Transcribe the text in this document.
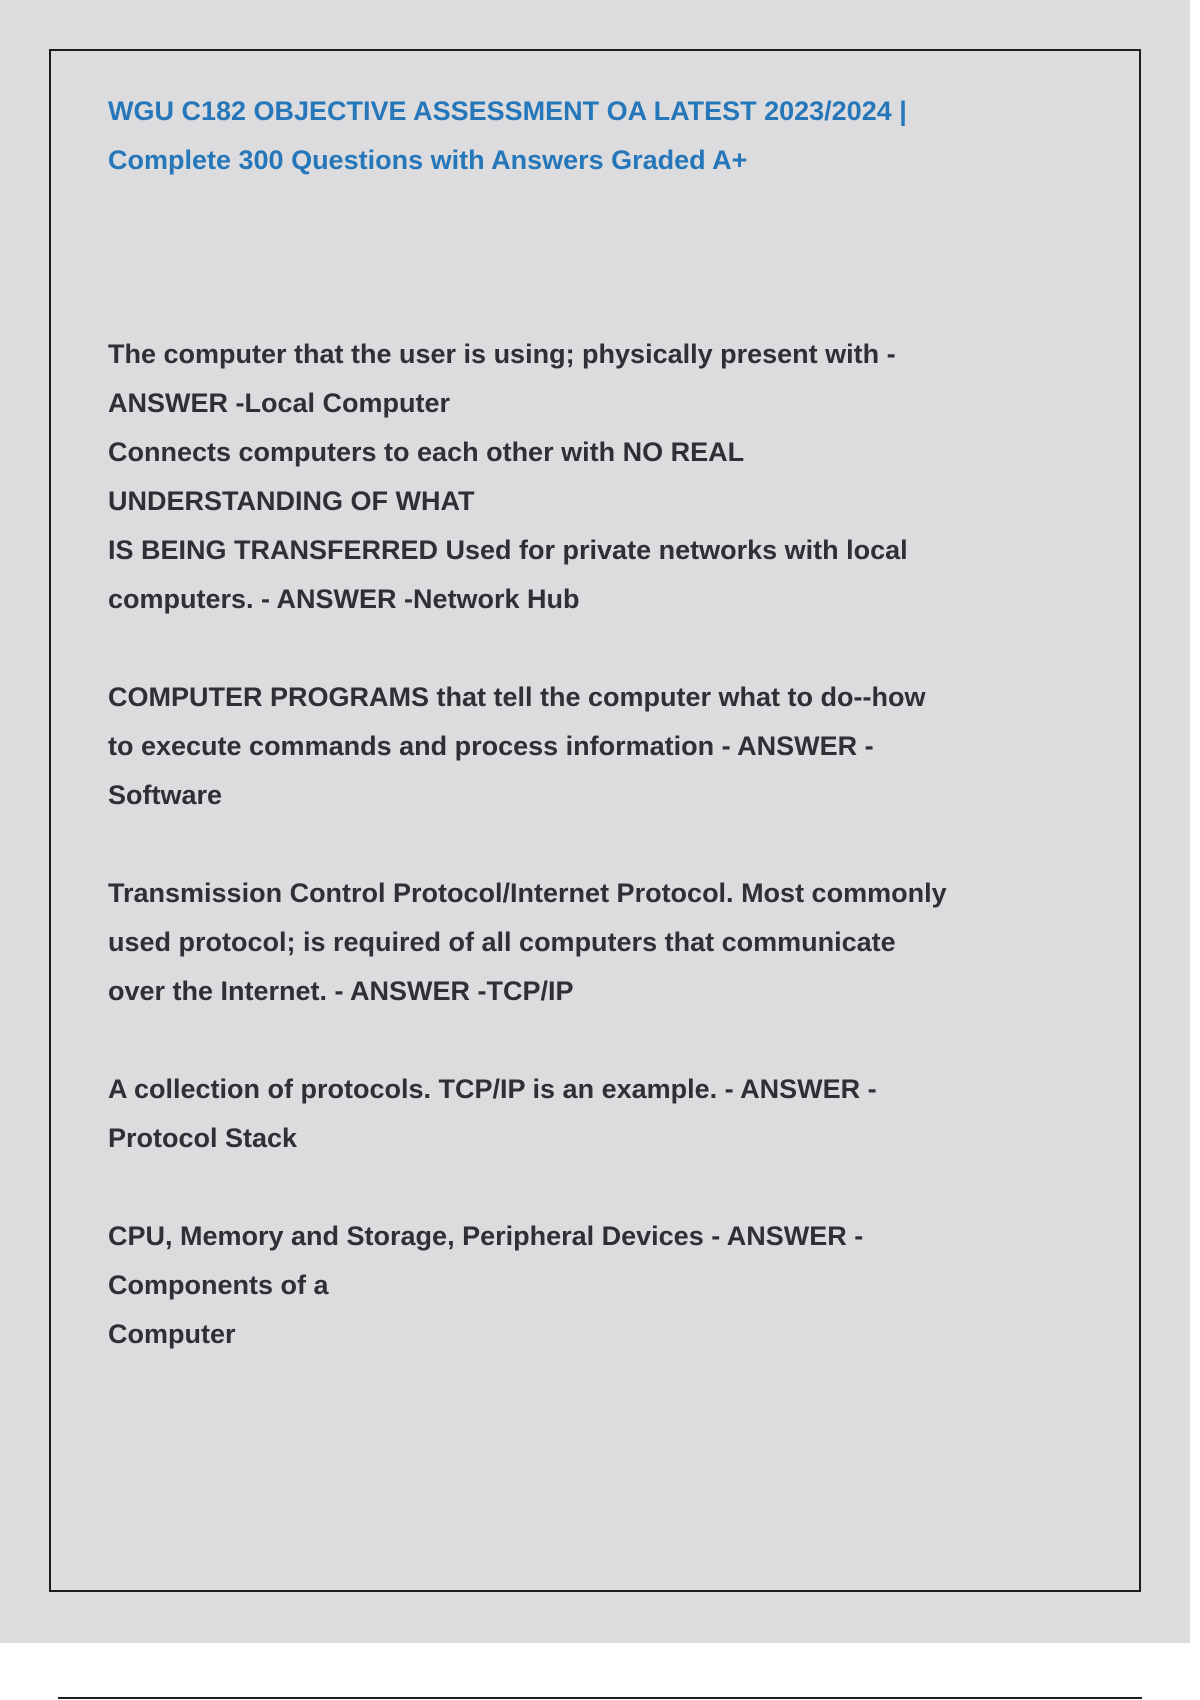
WGU C182 OBJECTIVE ASSESSMENT OA LATEST 2023/2024 |
Complete 300 Questions with Answers Graded A+

The computer that the user is using; physically present with -
ANSWER -Local Computer
Connects computers to each other with NO REAL
UNDERSTANDING OF WHAT
IS BEING TRANSFERRED Used for private networks with local
computers. - ANSWER -Network Hub

COMPUTER PROGRAMS that tell the computer what to do--how
to execute commands and process information - ANSWER -
Software

Transmission Control Protocol/Internet Protocol. Most commonly
used protocol; is required of all computers that communicate
over the Internet. - ANSWER -TCP/IP

A collection of protocols. TCP/IP is an example. - ANSWER -
Protocol Stack

CPU, Memory and Storage, Peripheral Devices - ANSWER -
Components of a
Computer
